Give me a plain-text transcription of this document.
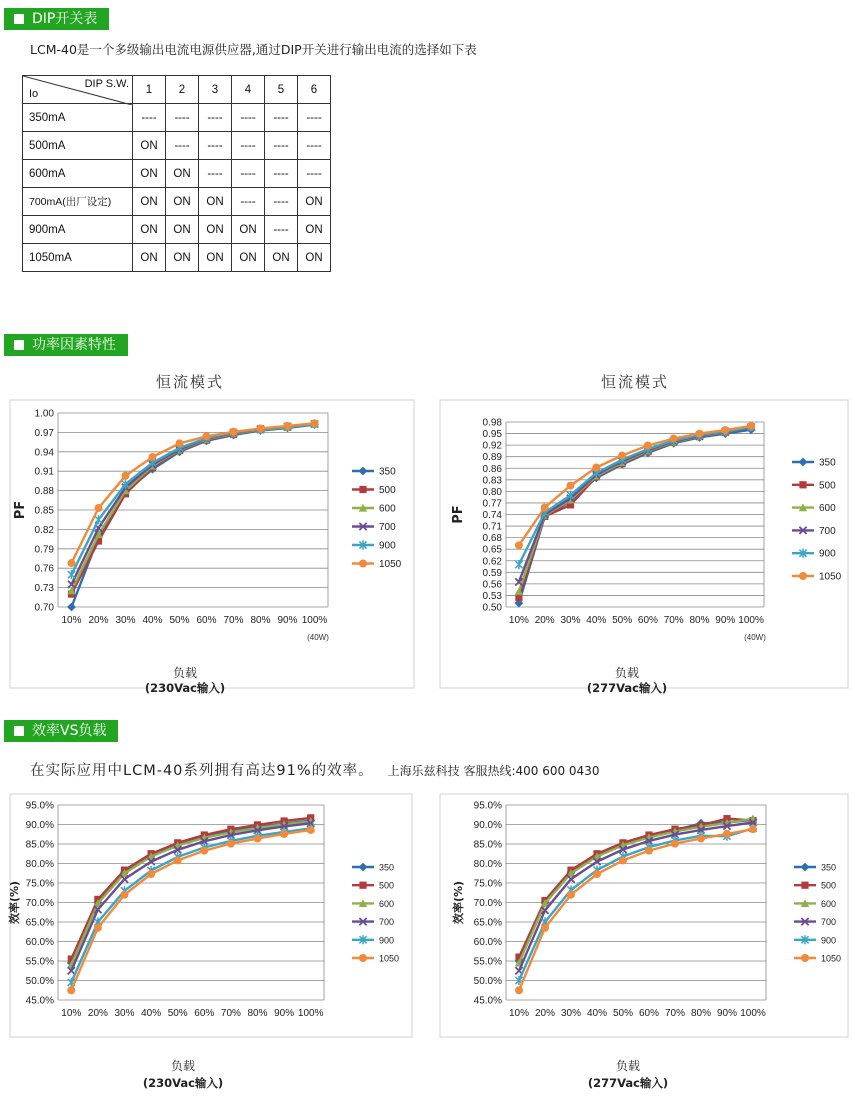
DIP开关表
LCM-40是一个多级输出电流电源供应器,通过DIP开关进行输出电流的选择如下表
DIP S.W.
Io	1	2	3	4	5	6
350mA	----	----	----	----	----	----
500mA	ON	----	----	----	----	----
600mA	ON	ON	----	----	----	----
700mA(出厂设定)	ON	ON	ON	----	----	ON
900mA	ON	ON	ON	ON	----	ON
1050mA	ON	ON	ON	ON	ON	ON
功率因素特性
恒流模式
0.70
0.73
0.76
0.79
0.82
0.85
0.88
0.91
0.94
0.97
1.00
10% 20% 30% 40% 50% 60% 70% 80% 90% 100%
(40W)
PF
负载
(230Vac输入)
350
500
600
700
900
1050
恒流模式
0.50
0.53
0.56
0.59
0.62
0.65
0.68
0.71
0.74
0.77
0.80
0.83
0.86
0.89
0.92
0.95
0.98
10% 20% 30% 40% 50% 60% 70% 80% 90% 100%
(40W)
PF
负载
(277Vac输入)
350
500
600
700
900
1050
效率VS负载
在实际应用中LCM-40系列拥有高达91%的效率。 上海乐兹科技 客服热线:400 600 0430
45.0%
50.0%
55.0%
60.0%
65.0%
70.0%
75.0%
80.0%
85.0%
90.0%
95.0%
10% 20% 30% 40% 50% 60% 70% 80% 90% 100%
效率(%)
负载
(230Vac输入)
350
500
600
700
900
1050
45.0%
50.0%
55.0%
60.0%
65.0%
70.0%
75.0%
80.0%
85.0%
90.0%
95.0%
10% 20% 30% 40% 50% 60% 70% 80% 90% 100%
效率(%)
负载
(277Vac输入)
350
500
600
700
900
1050
